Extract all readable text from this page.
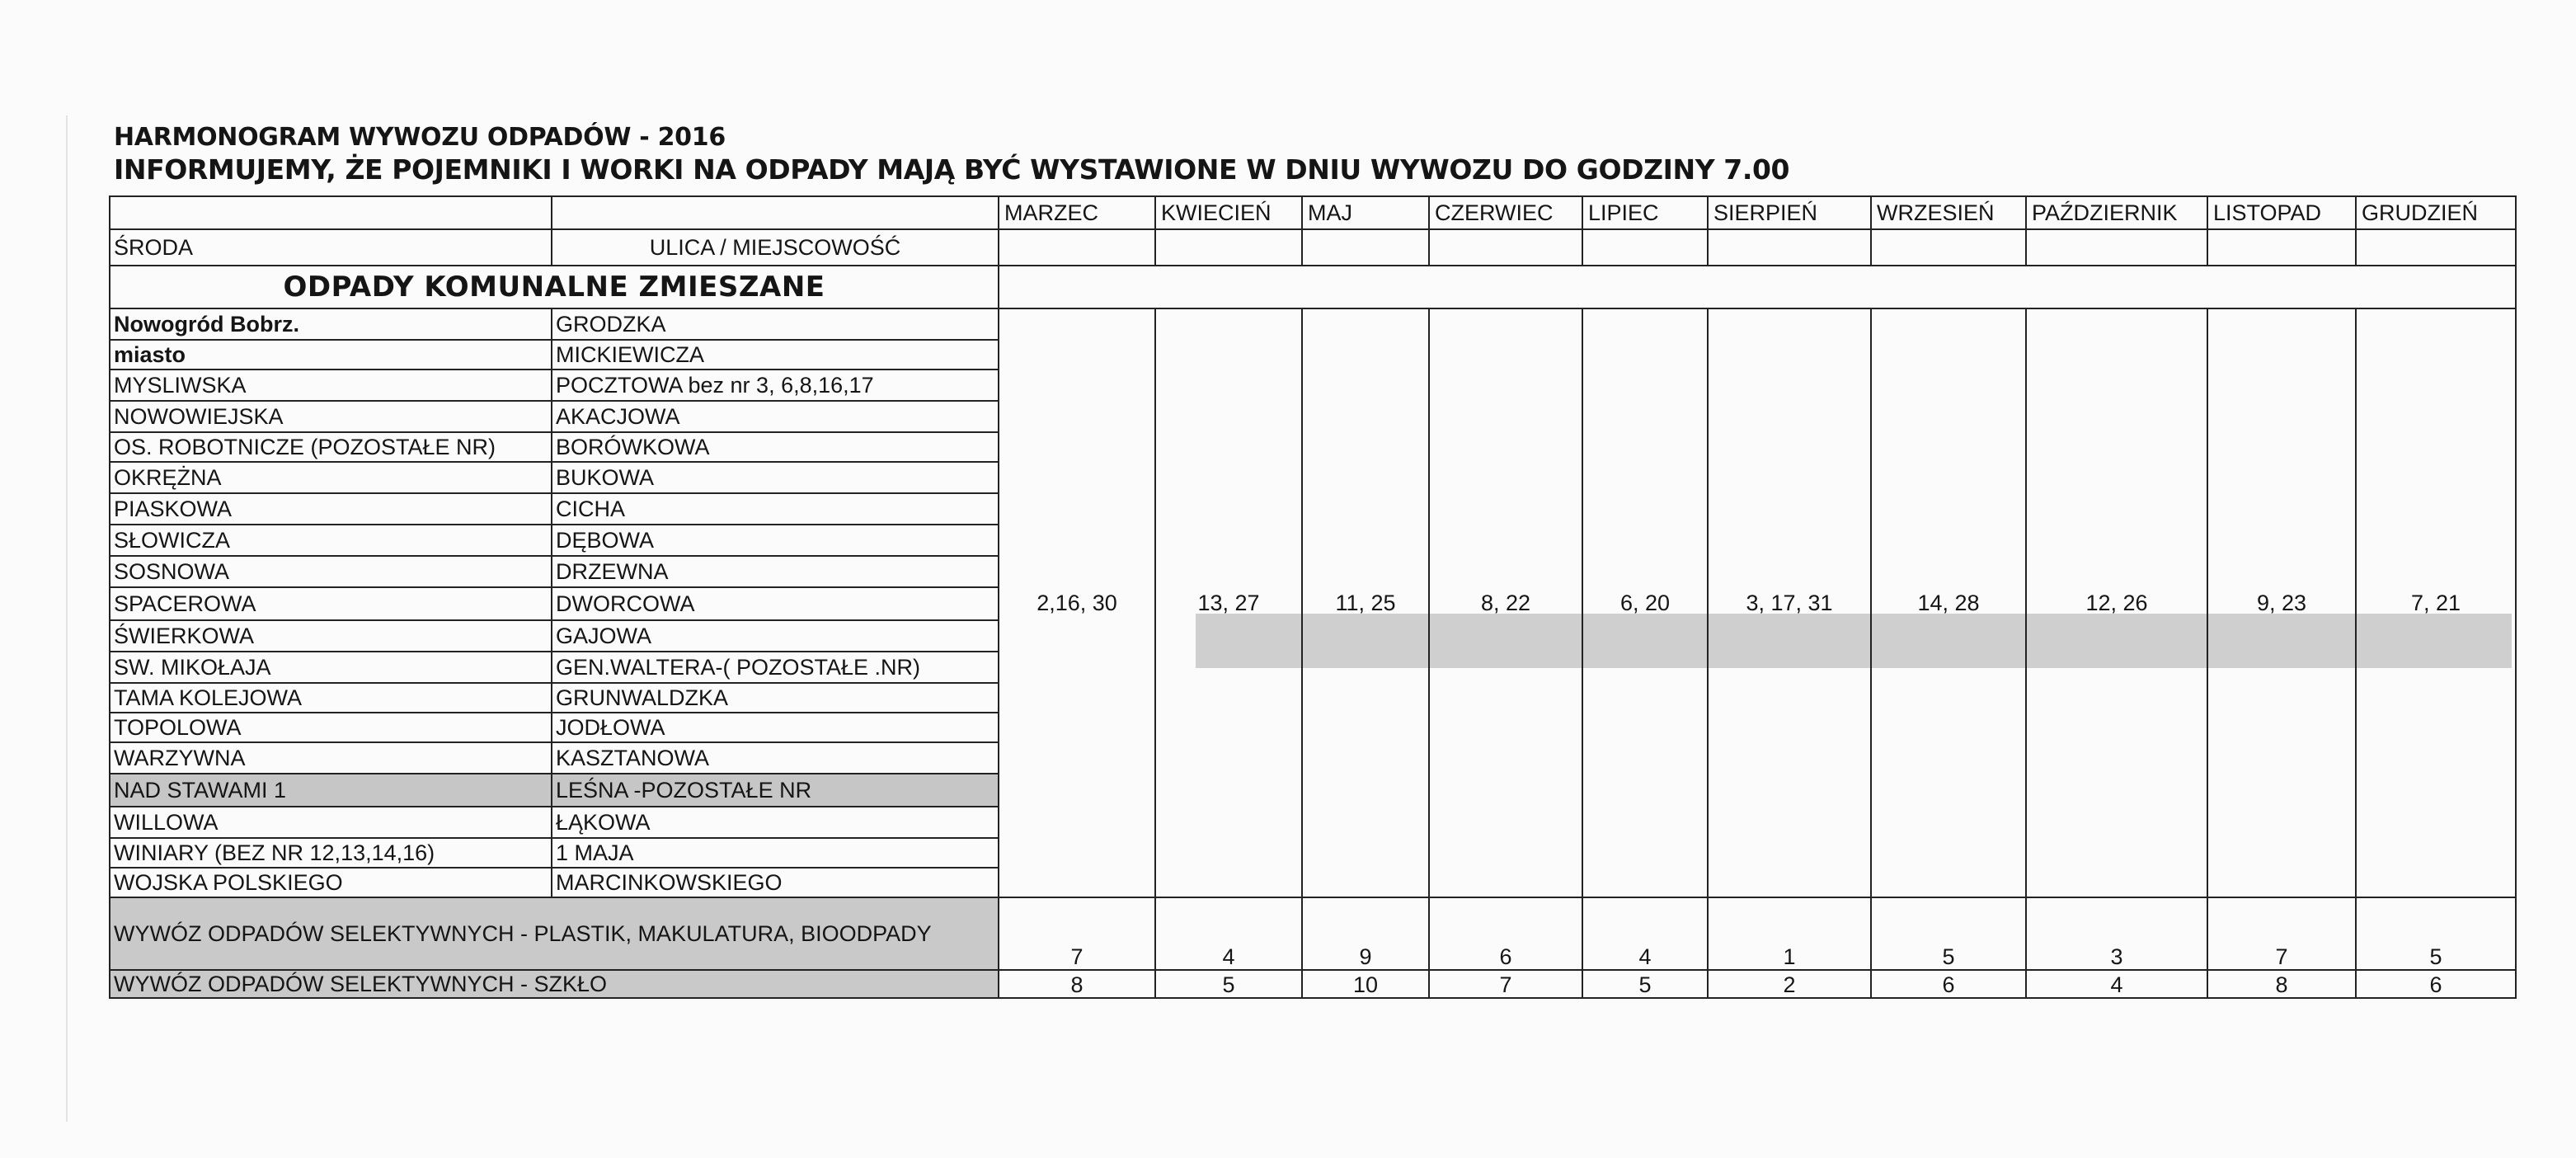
HARMONOGRAM WYWOZU ODPADÓW - 2016
INFORMUJEMY, ŻE POJEMNIKI I WORKI NA ODPADY MAJĄ BYĆ WYSTAWIONE W DNIU WYWOZU DO GODZINY 7.00
		MARZEC	KWIECIEŃ	MAJ	CZERWIEC	LIPIEC	SIERPIEŃ	WRZESIEŃ	PAŹDZIERNIK	LISTOPAD	GRUDZIEŃ
ŚRODA	ULICA / MIEJSCOWOŚĆ										
ODPADY KOMUNALNE ZMIESZANE											
Nowogród Bobrz.	GRODZKA	2,16, 30	13, 27	11, 25	8, 22	6, 20	3, 17, 31	14, 28	12, 26	9, 23	7, 21
miasto	MICKIEWICZA										
MYSLIWSKA	POCZTOWA bez nr 3, 6,8,16,17										
NOWOWIEJSKA	AKACJOWA										
OS. ROBOTNICZE (POZOSTAŁE NR)	BORÓWKOWA										
OKRĘŻNA	BUKOWA										
PIASKOWA	CICHA										
SŁOWICZA	DĘBOWA										
SOSNOWA	DRZEWNA										
SPACEROWA	DWORCOWA										
ŚWIERKOWA	GAJOWA										
SW. MIKOŁAJA	GEN.WALTERA-( POZOSTAŁE .NR)										
TAMA KOLEJOWA	GRUNWALDZKA										
TOPOLOWA	JODŁOWA										
WARZYWNA	KASZTANOWA										
NAD STAWAMI 1	LEŚNA -POZOSTAŁE NR										
WILLOWA	ŁĄKOWA										
WINIARY (BEZ NR 12,13,14,16)	1 MAJA										
WOJSKA POLSKIEGO	MARCINKOWSKIEGO										
WYWÓZ ODPADÓW SELEKTYWNYCH - PLASTIK, MAKULATURA, BIOODPADY		7	4	9	6	4	1	5	3	7	5
WYWÓZ ODPADÓW SELEKTYWNYCH - SZKŁO		8	5	10	7	5	2	6	4	8	6
